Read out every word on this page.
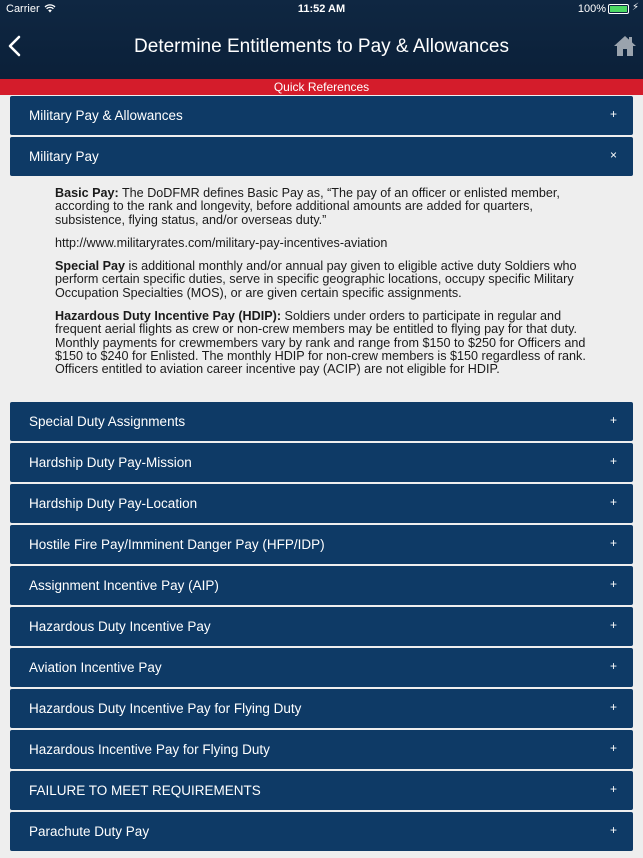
Carrier	11:52 AM	100%	⚡
Determine Entitlements to Pay & Allowances
Quick References
Military Pay & Allowances	+
Military Pay	×
Special Duty Assignments	+
Hardship Duty Pay-Mission	+
Hardship Duty Pay-Location	+
Hostile Fire Pay/Imminent Danger Pay (HFP/IDP)	+
Assignment Incentive Pay (AIP)	+
Hazardous Duty Incentive Pay	+
Aviation Incentive Pay	+
Hazardous Duty Incentive Pay for Flying Duty	+
Hazardous Incentive Pay for Flying Duty	+
FAILURE TO MEET REQUIREMENTS	+
Parachute Duty Pay	+

Basic Pay: The DoDFMR defines Basic Pay as, “The pay of an officer or enlisted member, according to the rank and longevity, before additional amounts are added for quarters, subsistence, flying status, and/or overseas duty.”

http://www.militaryrates.com/military-pay-incentives-aviation

Special Pay is additional monthly and/or annual pay given to eligible active duty Soldiers who perform certain specific duties, serve in specific geographic locations, occupy specific Military Occupation Specialties (MOS), or are given certain specific assignments.

Hazardous Duty Incentive Pay (HDIP): Soldiers under orders to participate in regular and frequent aerial flights as crew or non-crew members may be entitled to flying pay for that duty. Monthly payments for crewmembers vary by rank and range from $150 to $250 for Officers and $150 to $240 for Enlisted. The monthly HDIP for non-crew members is $150 regardless of rank. Officers entitled to aviation career incentive pay (ACIP) are not eligible for HDIP.
